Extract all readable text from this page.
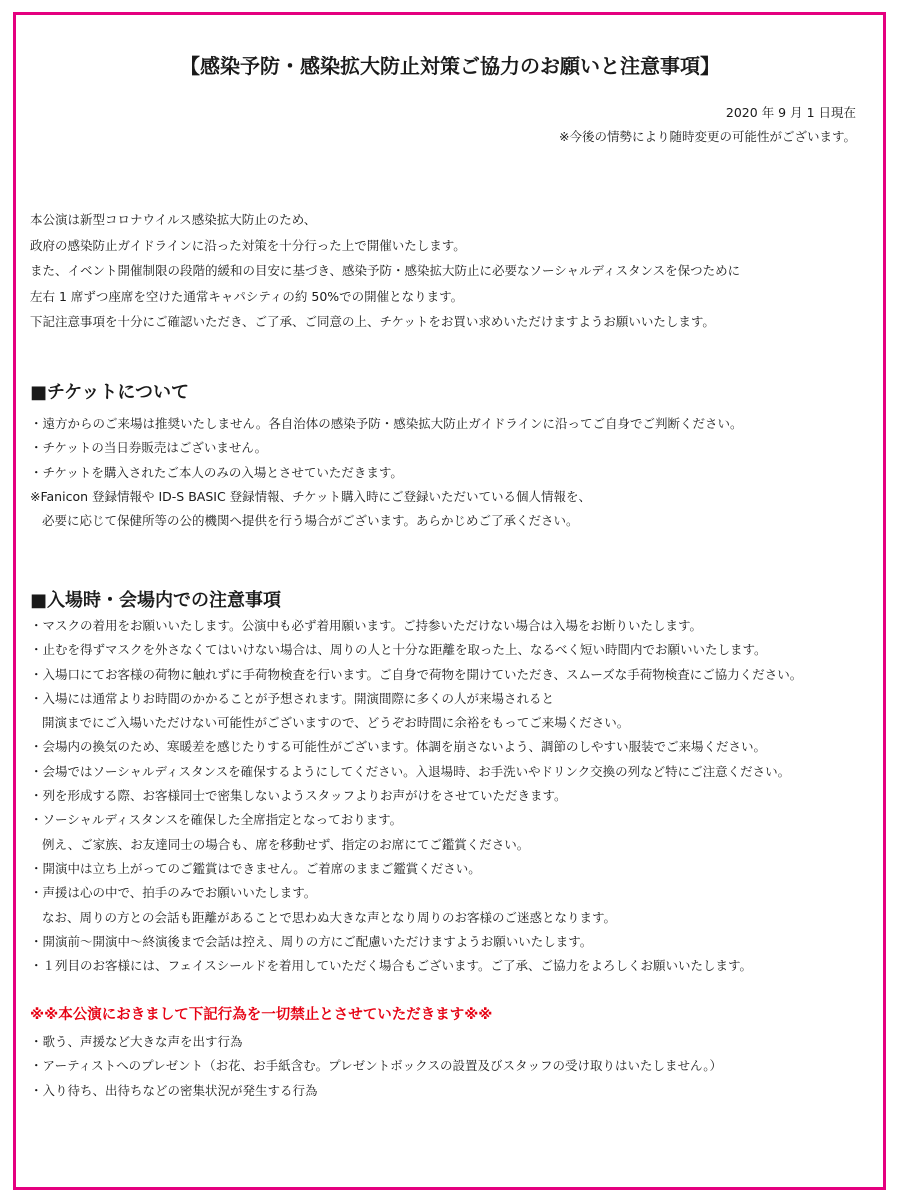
【感染予防・感染拡大防止対策ご協力のお願いと注意事項】
2020 年 9 月 1 日現在
※今後の情勢により随時変更の可能性がございます。
本公演は新型コロナウイルス感染拡大防止のため、
政府の感染防止ガイドラインに沿った対策を十分行った上で開催いたします。
また、イベント開催制限の段階的緩和の目安に基づき、感染予防・感染拡大防止に必要なソーシャルディスタンスを保つために
左右 1 席ずつ座席を空けた通常キャパシティの約 50%での開催となります。
下記注意事項を十分にご確認いただき、ご了承、ご同意の上、チケットをお買い求めいただけますようお願いいたします。
■チケットについて
・遠方からのご来場は推奨いたしません。各自治体の感染予防・感染拡大防止ガイドラインに沿ってご自身でご判断ください。
・チケットの当日券販売はございません。
・チケットを購入されたご本人のみの入場とさせていただきます。
※Fanicon 登録情報や ID-S BASIC 登録情報、チケット購入時にご登録いただいている個人情報を、
必要に応じて保健所等の公的機関へ提供を行う場合がございます。あらかじめご了承ください。
■入場時・会場内での注意事項
・マスクの着用をお願いいたします。公演中も必ず着用願います。ご持参いただけない場合は入場をお断りいたします。
・止むを得ずマスクを外さなくてはいけない場合は、周りの人と十分な距離を取った上、なるべく短い時間内でお願いいたします。
・入場口にてお客様の荷物に触れずに手荷物検査を行います。ご自身で荷物を開けていただき、スムーズな手荷物検査にご協力ください。
・入場には通常よりお時間のかかることが予想されます。開演間際に多くの人が来場されると
開演までにご入場いただけない可能性がございますので、どうぞお時間に余裕をもってご来場ください。
・会場内の換気のため、寒暖差を感じたりする可能性がございます。体調を崩さないよう、調節のしやすい服装でご来場ください。
・会場ではソーシャルディスタンスを確保するようにしてください。入退場時、お手洗いやドリンク交換の列など特にご注意ください。
・列を形成する際、お客様同士で密集しないようスタッフよりお声がけをさせていただきます。
・ソーシャルディスタンスを確保した全席指定となっております。
例え、ご家族、お友達同士の場合も、席を移動せず、指定のお席にてご鑑賞ください。
・開演中は立ち上がってのご鑑賞はできません。ご着席のままご鑑賞ください。
・声援は心の中で、拍手のみでお願いいたします。
なお、周りの方との会話も距離があることで思わぬ大きな声となり周りのお客様のご迷惑となります。
・開演前～開演中～終演後まで会話は控え、周りの方にご配慮いただけますようお願いいたします。
・１列目のお客様には、フェイスシールドを着用していただく場合もございます。ご了承、ご協力をよろしくお願いいたします。
※※本公演におきまして下記行為を一切禁止とさせていただきます※※
・歌う、声援など大きな声を出す行為
・アーティストへのプレゼント（お花、お手紙含む。プレゼントボックスの設置及びスタッフの受け取りはいたしません。）
・入り待ち、出待ちなどの密集状況が発生する行為
